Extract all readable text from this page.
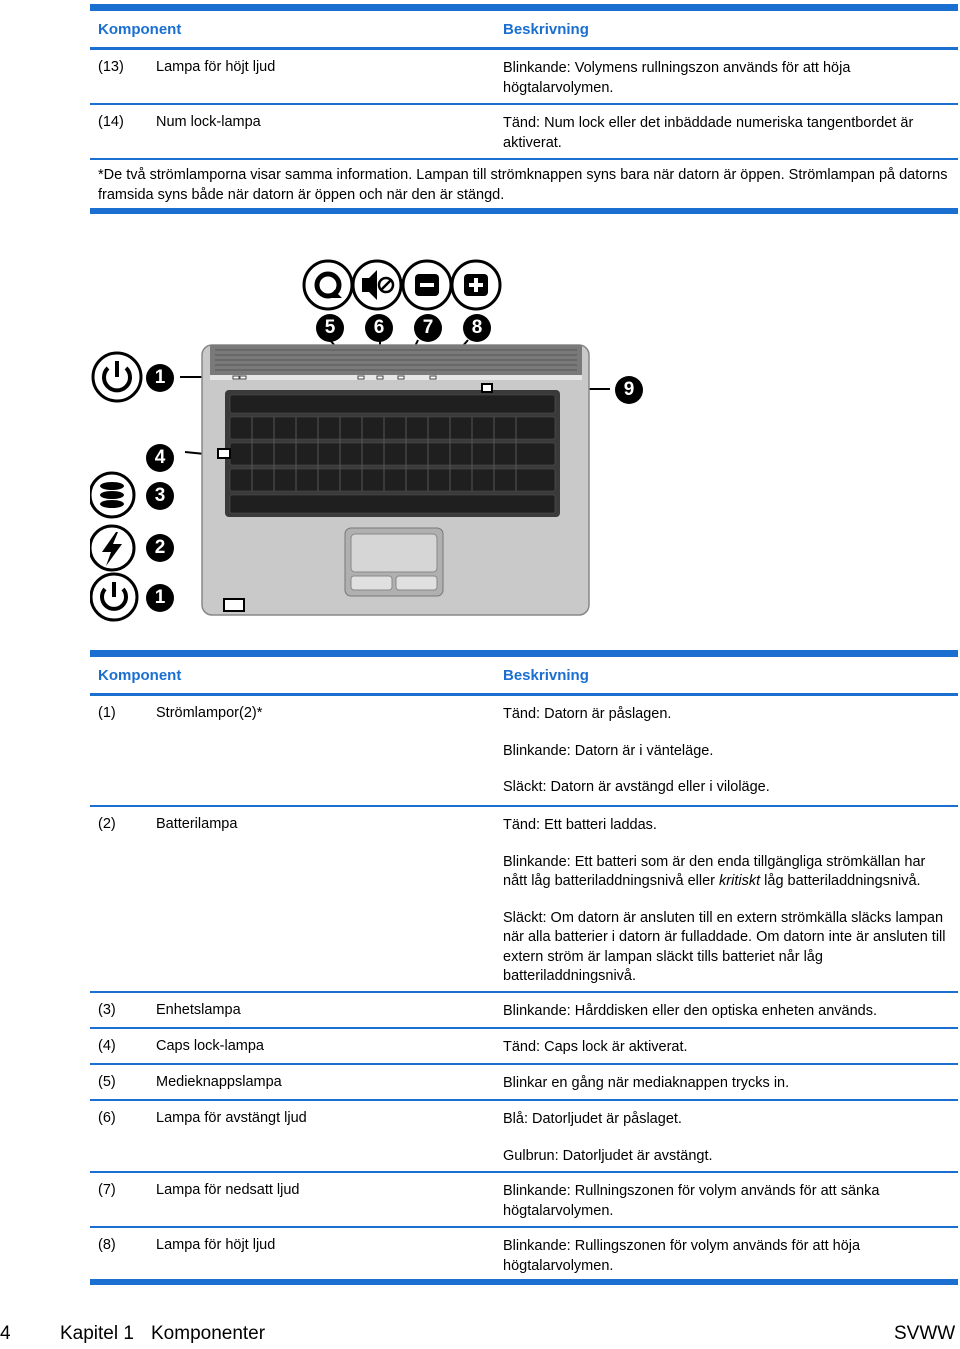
Komponent	Beskrivning
(13) Lampa för höjt ljud	Blinkande: Volymens rullningszon används för att höja högtalarvolymen.
(14) Num lock-lampa	Tänd: Num lock eller det inbäddade numeriska tangentbordet är aktiverat.
*De två strömlamporna visar samma information. Lampan till strömknappen syns bara när datorn är öppen. Strömlampan på datorns framsida syns både när datorn är öppen och när den är stängd.
5	6	7	8
1
9
4
3
2
1
Komponent	Beskrivning
(1)	Strömlampor(2)*	Tänd: Datorn är påslagen.
Blinkande: Datorn är i vänteläge.
Släckt: Datorn är avstängd eller i viloläge.
(2)	Batterilampa	Tänd: Ett batteri laddas.
Blinkande: Ett batteri som är den enda tillgängliga strömkällan har nått låg batteriladdningsnivå eller kritiskt låg batteriladdningsnivå.
Släckt: Om datorn är ansluten till en extern strömkälla släcks lampan när alla batterier i datorn är fulladdade. Om datorn inte är ansluten till extern ström är lampan släckt tills batteriet når låg batteriladdningsnivå.
(3)	Enhetslampa	Blinkande: Hårddisken eller den optiska enheten används.
(4)	Caps lock-lampa	Tänd: Caps lock är aktiverat.
(5)	Medieknappslampa	Blinkar en gång när mediaknappen trycks in.
(6)	Lampa för avstängt ljud	Blå: Datorljudet är påslaget.
Gulbrun: Datorljudet är avstängt.
(7)	Lampa för nedsatt ljud	Blinkande: Rullningszonen för volym används för att sänka högtalarvolymen.
(8)	Lampa för höjt ljud	Blinkande: Rullingszonen för volym används för att höja högtalarvolymen.
4	Kapitel 1 Komponenter	SVWW
